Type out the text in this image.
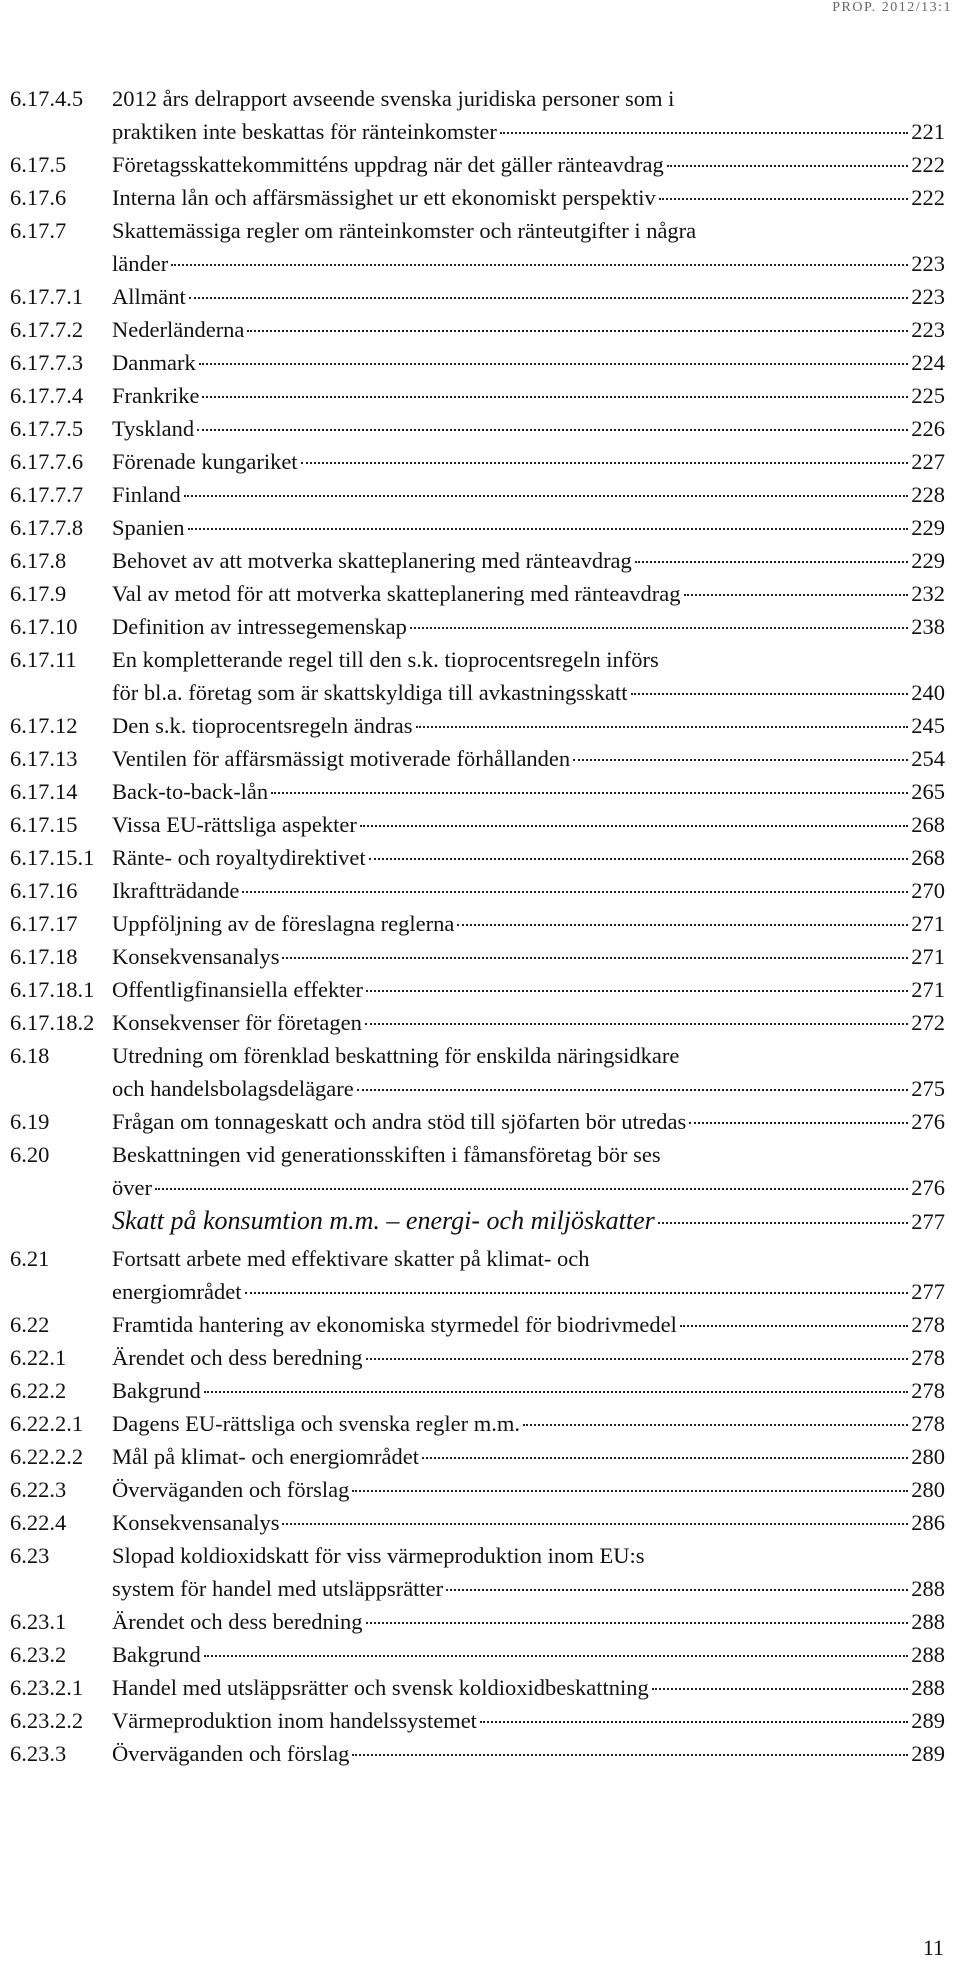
PROP. 2012/13:1
6.17.4.5	2012 års delrapport avseende svenska juridiska personer som i
praktiken inte beskattas för ränteinkomster	221
6.17.5	Företagsskattekommitténs uppdrag när det gäller ränteavdrag	222
6.17.6	Interna lån och affärsmässighet ur ett ekonomiskt perspektiv	222
6.17.7	Skattemässiga regler om ränteinkomster och ränteutgifter i några
länder	223
6.17.7.1	Allmänt	223
6.17.7.2	Nederländerna	223
6.17.7.3	Danmark	224
6.17.7.4	Frankrike	225
6.17.7.5	Tyskland	226
6.17.7.6	Förenade kungariket	227
6.17.7.7	Finland	228
6.17.7.8	Spanien	229
6.17.8	Behovet av att motverka skatteplanering med ränteavdrag	229
6.17.9	Val av metod för att motverka skatteplanering med ränteavdrag	232
6.17.10	Definition av intressegemenskap	238
6.17.11	En kompletterande regel till den s.k. tioprocentsregeln införs
för bl.a. företag som är skattskyldiga till avkastningsskatt	240
6.17.12	Den s.k. tioprocentsregeln ändras	245
6.17.13	Ventilen för affärsmässigt motiverade förhållanden	254
6.17.14	Back-to-back-lån	265
6.17.15	Vissa EU-rättsliga aspekter	268
6.17.15.1 Ränte- och royaltydirektivet	268
6.17.16	Ikraftträdande	270
6.17.17	Uppföljning av de föreslagna reglerna	271
6.17.18	Konsekvensanalys	271
6.17.18.1 Offentligfinansiella effekter	271
6.17.18.2 Konsekvenser för företagen	272
6.18	Utredning om förenklad beskattning för enskilda näringsidkare
och handelsbolagsdelägare	275
6.19	Frågan om tonnageskatt och andra stöd till sjöfarten bör utredas	276
6.20	Beskattningen vid generationsskiften i fåmansföretag bör ses
över	276
Skatt på konsumtion m.m. – energi- och miljöskatter	277
6.21	Fortsatt arbete med effektivare skatter på klimat- och
energiområdet	277
6.22	Framtida hantering av ekonomiska styrmedel för biodrivmedel	278
6.22.1	Ärendet och dess beredning	278
6.22.2	Bakgrund	278
6.22.2.1	Dagens EU-rättsliga och svenska regler m.m.	278
6.22.2.2	Mål på klimat- och energiområdet	280
6.22.3	Överväganden och förslag	280
6.22.4	Konsekvensanalys	286
6.23	Slopad koldioxidskatt för viss värmeproduktion inom EU:s
system för handel med utsläppsrätter	288
6.23.1	Ärendet och dess beredning	288
6.23.2	Bakgrund	288
6.23.2.1	Handel med utsläppsrätter och svensk koldioxidbeskattning	288
6.23.2.2	Värmeproduktion inom handelssystemet	289
6.23.3	Överväganden och förslag	289
11
